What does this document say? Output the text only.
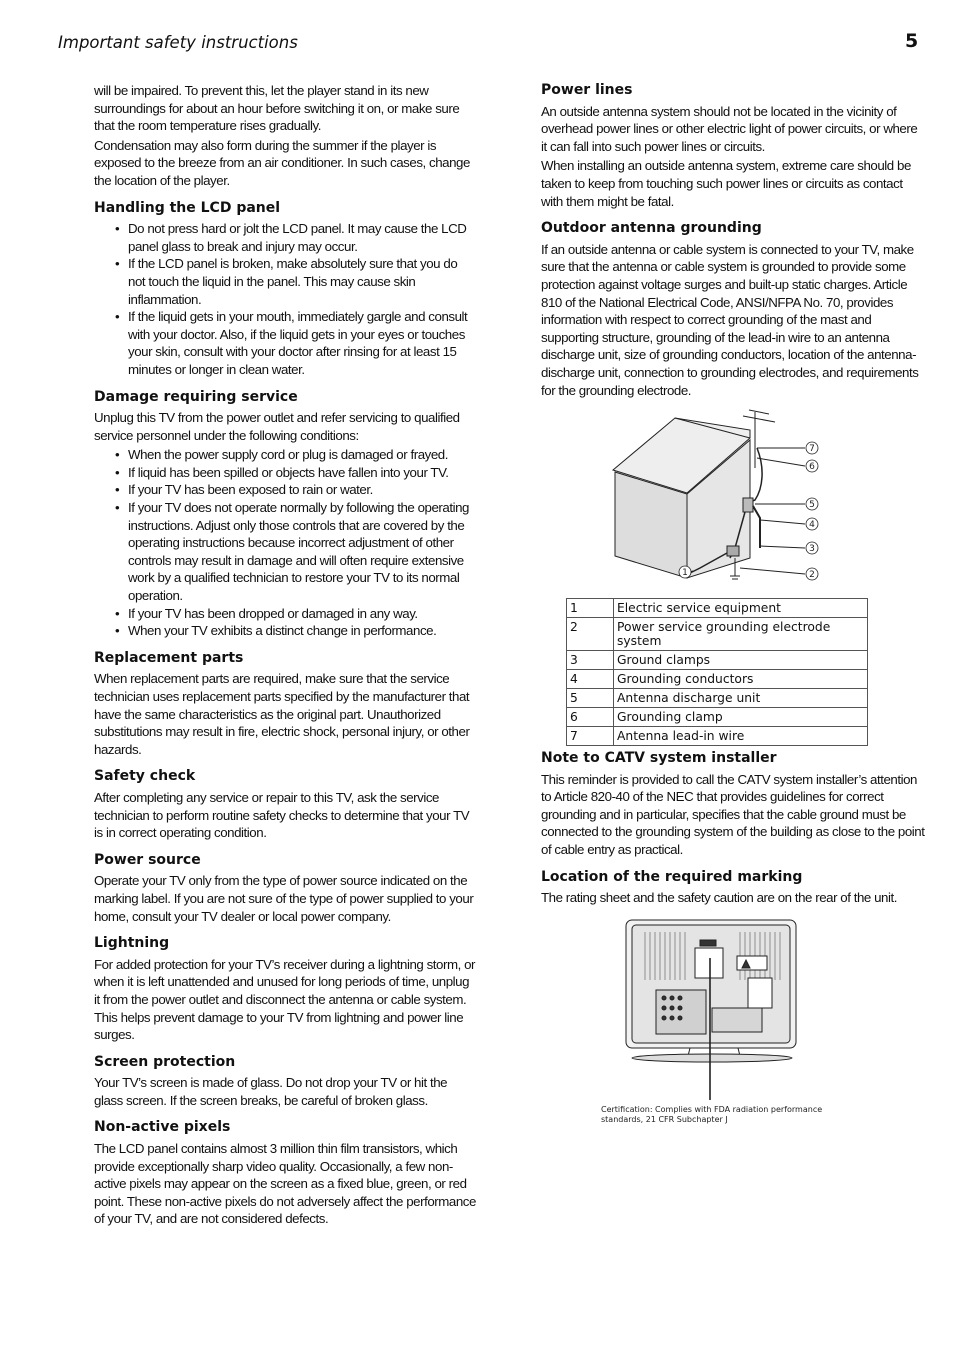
Important safety instructions	5

will be impaired. To prevent this, let the player stand in its new surroundings for about an hour before switching it on, or make sure that the room temperature rises gradually.

Condensation may also form during the summer if the player is exposed to the breeze from an air conditioner. In such cases, change the location of the player.

Handling the LCD panel
• Do not press hard or jolt the LCD panel. It may cause the LCD panel glass to break and injury may occur.
• If the LCD panel is broken, make absolutely sure that you do not touch the liquid in the panel. This may cause skin inflammation.
• If the liquid gets in your mouth, immediately gargle and consult with your doctor. Also, if the liquid gets in your eyes or touches your skin, consult with your doctor after rinsing for at least 15 minutes or longer in clean water.
Damage requiring service

Unplug this TV from the power outlet and refer servicing to qualified service personnel under the following conditions:

• When the power supply cord or plug is damaged or frayed.
• If liquid has been spilled or objects have fallen into your TV.
• If your TV has been exposed to rain or water.
• If your TV does not operate normally by following the operating instructions. Adjust only those controls that are covered by the operating instructions because incorrect adjustment of other controls may result in damage and will often require extensive work by a qualified technician to restore your TV to its normal operation.
• If your TV has been dropped or damaged in any way.
• When your TV exhibits a distinct change in performance.
Replacement parts

When replacement parts are required, make sure that the service technician uses replacement parts specified by the manufacturer that have the same characteristics as the original part. Unauthorized substitutions may result in fire, electric shock, personal injury, or other hazards.

Safety check

After completing any service or repair to this TV, ask the service technician to perform routine safety checks to determine that your TV is in correct operating condition.

Power source

Operate your TV only from the type of power source indicated on the marking label. If you are not sure of the type of power supplied to your home, consult your TV dealer or local power company.

Lightning

For added protection for your TV’s receiver during a lightning storm, or when it is left unattended and unused for long periods of time, unplug it from the power outlet and disconnect the antenna or cable system. This helps prevent damage to your TV from lightning and power line surges.

Screen protection

Your TV’s screen is made of glass. Do not drop your TV or hit the glass screen. If the screen breaks, be careful of broken glass.

Non-active pixels

The LCD panel contains almost 3 million thin film transistors, which provide exceptionally sharp video quality. Occasionally, a few non-active pixels may appear on the screen as a fixed blue, green, or red point. These non-active pixels do not adversely affect the performance of your TV, and are not considered defects.

Power lines

An outside antenna system should not be located in the vicinity of overhead power lines or other electric light of power circuits, or where it can fall into such power lines or circuits.

When installing an outside antenna system, extreme care should be taken to keep from touching such power lines or circuits as contact with them might be fatal.

Outdoor antenna grounding

If an outside antenna or cable system is connected to your TV, make sure that the antenna or cable system is grounded to provide some protection against voltage surges and built-up static charges. Article 810 of the National Electrical Code, ANSI/NFPA No. 70, provides information with respect to correct grounding of the mast and supporting structure, grounding of the lead-in wire to an antenna discharge unit, size of grounding conductors, location of the antenna-discharge unit, connection to grounding electrodes, and requirements for the grounding electrode.

1	2
3
4
5
6
7
1	Electric service equipment
2	Power service grounding electrode system
3	Ground clamps
4	Grounding conductors
5	Antenna discharge unit
6	Grounding clamp
7	Antenna lead-in wire
Note to CATV system installer

This reminder is provided to call the CATV system installer’s attention to Article 820-40 of the NEC that provides guidelines for correct grounding and in particular, specifies that the cable ground must be connected to the grounding system of the building as close to the point of cable entry as practical.

Location of the required marking

The rating sheet and the safety caution are on the rear of the unit.

Certification: Complies with FDA radiation performance standards, 21 CFR Subchapter J
